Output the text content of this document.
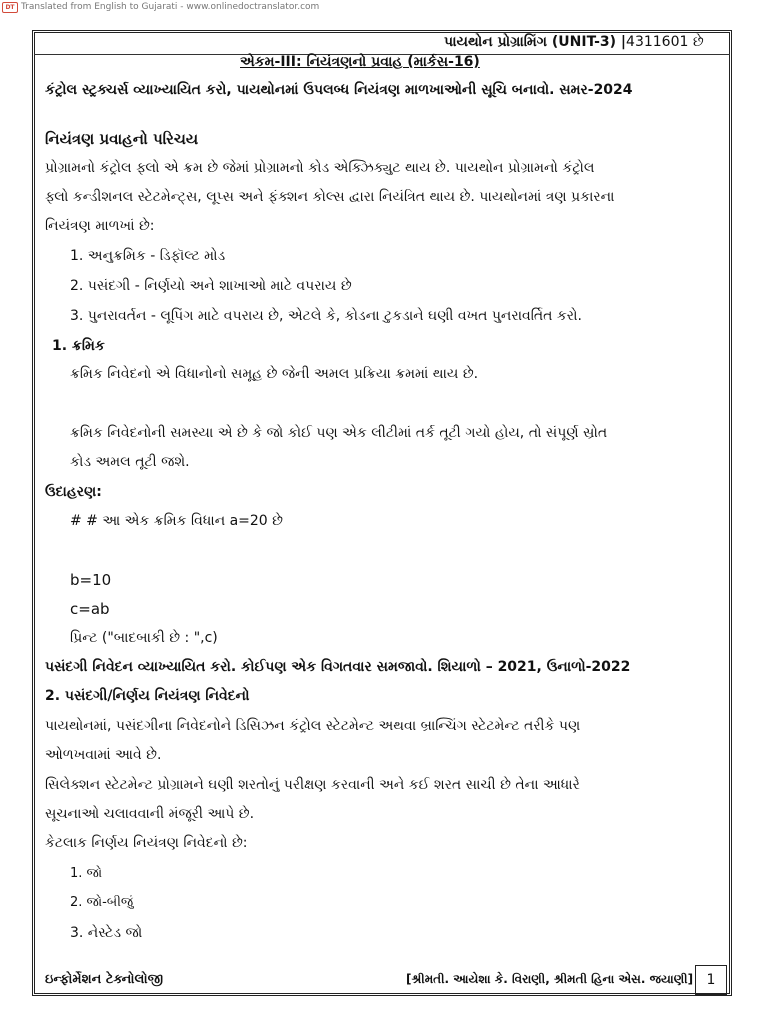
DT Translated from English to Gujarati - www.onlinedoctranslator.com
પાયથોન પ્રોગ્રામિંગ (UNIT-3) |4311601 છે
એકમ-III: નિયંત્રણનો પ્રવાહ (માર્કસ-16)
કંટ્રોલ સ્ટ્રક્ચર્સ વ્યાખ્યાયિત કરો, પાયથોનમાં ઉપલબ્ધ નિયંત્રણ માળખાઓની સૂચિ બનાવો. સમર-2024
નિયંત્રણ પ્રવાહનો પરિચય
પ્રોગ્રામનો કંટ્રોલ ફ્લો એ ક્રમ છે જેમાં પ્રોગ્રામનો કોડ એક્ઝિક્યુટ થાય છે. પાયથોન પ્રોગ્રામનો કંટ્રોલ
ફ્લો કન્ડીશનલ સ્ટેટમેન્ટ્સ, લૂપ્સ અને ફંક્શન કોલ્સ દ્વારા નિયંત્રિત થાય છે. પાયથોનમાં ત્રણ પ્રકારના
નિયંત્રણ માળખાં છે:
1. અનુક્રમિક - ડિફૉલ્ટ મોડ
2. પસંદગી - નિર્ણયો અને શાખાઓ માટે વપરાય છે
3. પુનરાવર્તન - લૂપિંગ માટે વપરાય છે, એટલે કે, કોડના ટુકડાને ઘણી વખત પુનરાવર્તિત કરો.
1. ક્રમિક
ક્રમિક નિવેદનો એ વિધાનોનો સમૂહ છે જેની અમલ પ્રક્રિયા ક્રમમાં થાય છે.
ક્રમિક નિવેદનોની સમસ્યા એ છે કે જો કોઈ પણ એક લીટીમાં તર્ક તૂટી ગયો હોય, તો સંપૂર્ણ સ્રોત
કોડ અમલ તૂટી જશે.
ઉદાહરણ:
# # આ એક ક્રમિક વિધાન a=20 છે
b=10
c=ab
પ્રિન્ટ ("બાદબાકી છે : ",c)
પસંદગી નિવેદન વ્યાખ્યાયિત કરો. કોઈપણ એક વિગતવાર સમજાવો. શિયાળો – 2021, ઉનાળો-2022
2. પસંદગી/નિર્ણય નિયંત્રણ નિવેદનો
પાયથોનમાં, પસંદગીના નિવેદનોને ડિસિઝન કંટ્રોલ સ્ટેટમેન્ટ અથવા બ્રાન્ચિંગ સ્ટેટમેન્ટ તરીકે પણ
ઓળખવામાં આવે છે.
સિલેક્શન સ્ટેટમેન્ટ પ્રોગ્રામને ઘણી શરતોનું પરીક્ષણ કરવાની અને કઈ શરત સાચી છે તેના આધારે
સૂચનાઓ ચલાવવાની મંજૂરી આપે છે.
કેટલાક નિર્ણય નિયંત્રણ નિવેદનો છે:
1. જો
2. જો-બીજું
3. નેસ્ટેડ જો
ઇન્ફોર્મેશન ટેક્નોલોજી	[શ્રીમતી. આયેશા કે. વિરાણી, શ્રીમતી હિના એસ. જયાણી] 1
